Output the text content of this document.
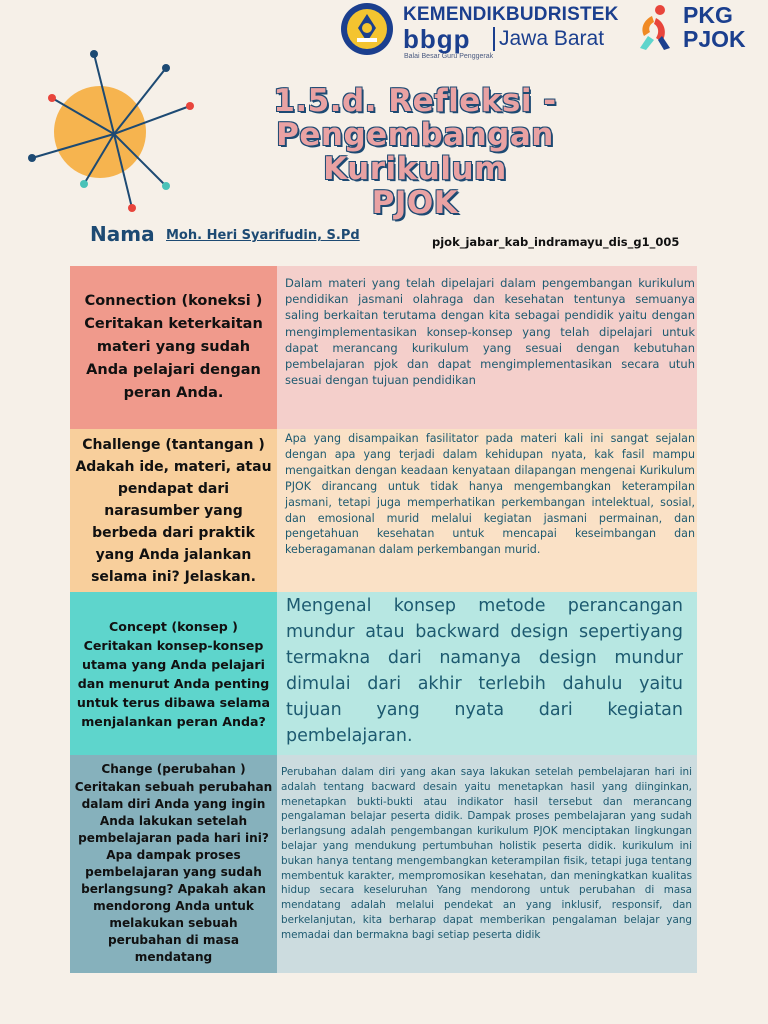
KEMENDIKBUDRISTEK
bbgp Jawa Barat
Balai Besar Guru Penggerak
PKG
PJOK
1.5.d. Refleksi -
Pengembangan Kurikulum
PJOK
Nama Moh. Heri Syarifudin, S.Pd	pjok_jabar_kab_indramayu_dis_g1_005
Connection (koneksi )
Ceritakan keterkaitan materi yang sudah Anda pelajari dengan peran Anda.
Dalam materi yang telah dipelajari dalam pengembangan kurikulum pendidikan jasmani olahraga dan kesehatan tentunya semuanya saling berkaitan terutama dengan kita sebagai pendidik yaitu dengan mengimplementasikan konsep-konsep yang telah dipelajari untuk dapat merancang kurikulum yang sesuai dengan kebutuhan pembelajaran pjok dan dapat mengimplementasikan secara utuh sesuai dengan tujuan pendidikan
Challenge (tantangan )
Adakah ide, materi, atau pendapat dari narasumber yang berbeda dari praktik yang Anda jalankan selama ini? Jelaskan.
Apa yang disampaikan fasilitator pada materi kali ini sangat sejalan dengan apa yang terjadi dalam kehidupan nyata, kak fasil mampu mengaitkan dengan keadaan kenyataan dilapangan mengenai Kurikulum PJOK dirancang untuk tidak hanya mengembangkan keterampilan jasmani, tetapi juga memperhatikan perkembangan intelektual, sosial, dan emosional murid melalui kegiatan jasmani permainan, dan pengetahuan kesehatan untuk mencapai keseimbangan dan keberagamanan dalam perkembangan murid.
Concept (konsep )
Ceritakan konsep-konsep utama yang Anda pelajari dan menurut Anda penting untuk terus dibawa selama menjalankan peran Anda?
Mengenal konsep metode perancangan mundur atau backward design sepertiyang termakna dari namanya design mundur dimulai dari akhir terlebih dahulu yaitu tujuan yang nyata dari kegiatan pembelajaran.
Change (perubahan )
Ceritakan sebuah perubahan dalam diri Anda yang ingin Anda lakukan setelah pembelajaran pada hari ini? Apa dampak proses pembelajaran yang sudah berlangsung? Apakah akan mendorong Anda untuk melakukan sebuah perubahan di masa mendatang
Perubahan dalam diri yang akan saya lakukan setelah pembelajaran hari ini adalah tentang bacward desain yaitu menetapkan hasil yang diinginkan, menetapkan bukti-bukti atau indikator hasil tersebut dan merancang pengalaman belajar peserta didik. Dampak proses pembelajaran yang sudah berlangsung adalah pengembangan kurikulum PJOK menciptakan lingkungan belajar yang mendukung pertumbuhan holistik peserta didik. kurikulum ini bukan hanya tentang mengembangkan keterampilan fisik, tetapi juga tentang membentuk karakter, mempromosikan kesehatan, dan meningkatkan kualitas hidup secara keseluruhan Yang mendorong untuk perubahan di masa mendatang adalah melalui pendekat an yang inklusif, responsif, dan berkelanjutan, kita berharap dapat memberikan pengalaman belajar yang memadai dan bermakna bagi setiap peserta didik
